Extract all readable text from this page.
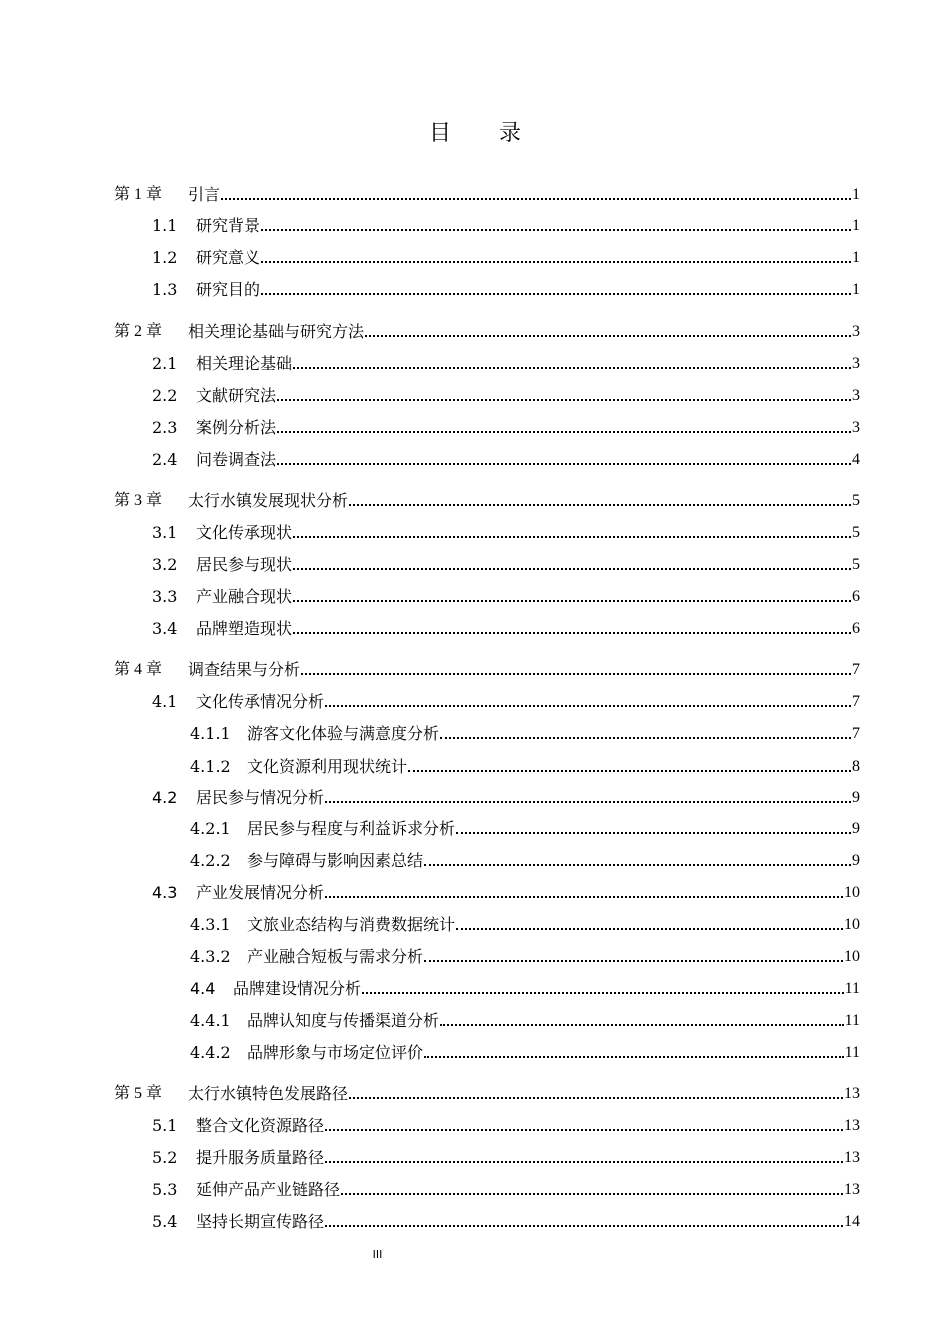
目 录
第 1 章	引言	1
1.1	研究背景	1
1.2	研究意义	1
1.3	研究目的	1
第 2 章	相关理论基础与研究方法	3
2.1	相关理论基础	3
2.2	文献研究法	3
2.3	案例分析法	3
2.4	问卷调查法	4
第 3 章	太行水镇发展现状分析	5
3.1	文化传承现状	5
3.2	居民参与现状	5
3.3	产业融合现状	6
3.4	品牌塑造现状	6
第 4 章	调查结果与分析	7
4.1	文化传承情况分析	7
4.1.1	游客文化体验与满意度分析	7
4.1.2	文化资源利用现状统计	8
4.2	居民参与情况分析	9
4.2.1	居民参与程度与利益诉求分析	9
4.2.2	参与障碍与影响因素总结	9
4.3	产业发展情况分析	10
4.3.1	文旅业态结构与消费数据统计	10
4.3.2	产业融合短板与需求分析	10
4.4	品牌建设情况分析	11
4.4.1	品牌认知度与传播渠道分析	11
4.4.2	品牌形象与市场定位评价	11
第 5 章	太行水镇特色发展路径	13
5.1	整合文化资源路径	13
5.2	提升服务质量路径	13
5.3	延伸产品产业链路径	13
5.4	坚持长期宣传路径	14
III
